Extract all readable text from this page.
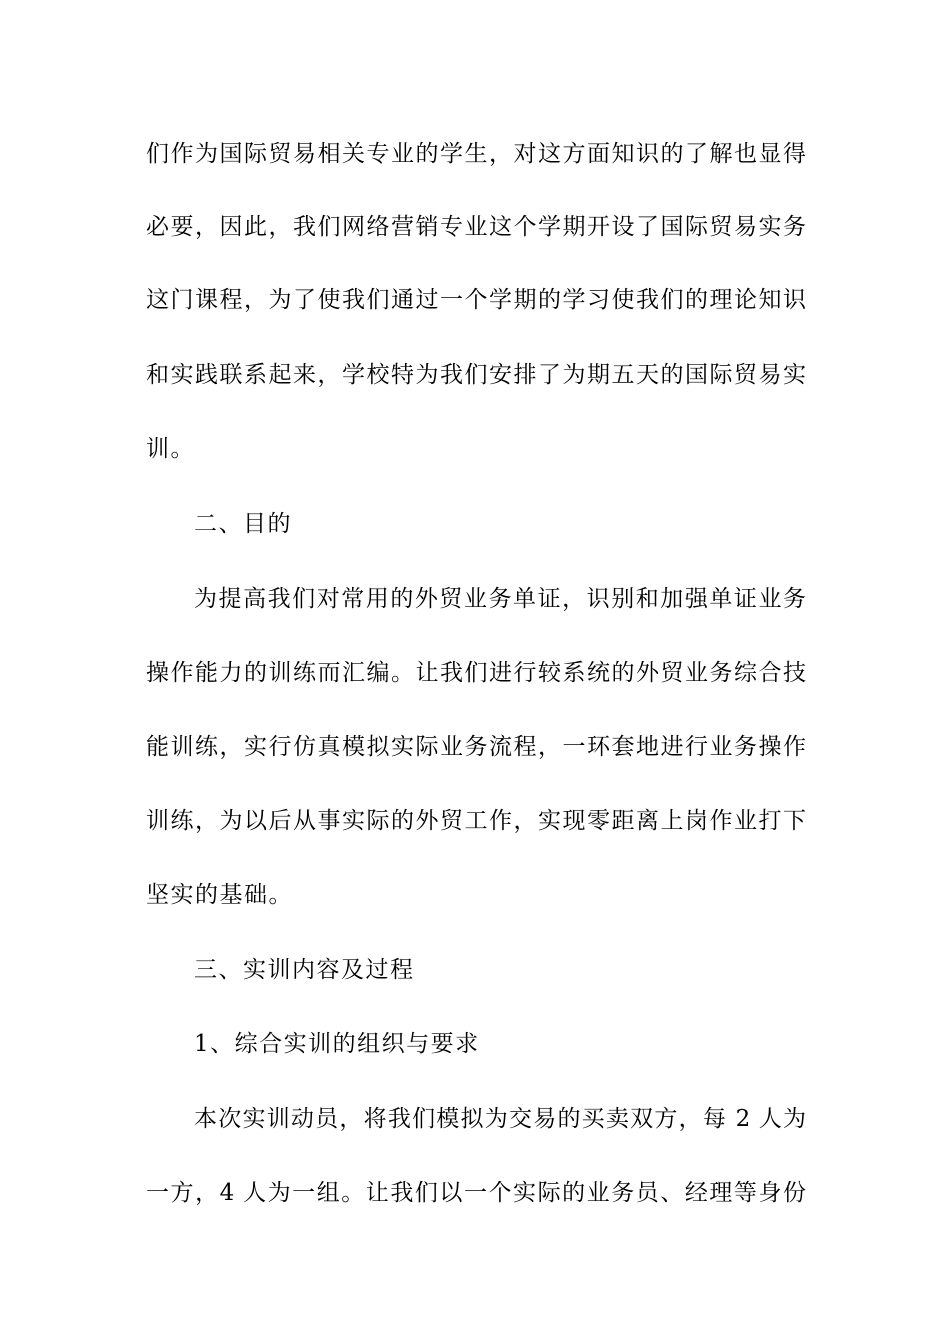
们作为国际贸易相关专业的学生，对这方面知识的了解也显得
必要，因此，我们网络营销专业这个学期开设了国际贸易实务
这门课程，为了使我们通过一个学期的学习使我们的理论知识
和实践联系起来，学校特为我们安排了为期五天的国际贸易实
训。
二、目的
为提高我们对常用的外贸业务单证，识别和加强单证业务
操作能力的训练而汇编。让我们进行较系统的外贸业务综合技
能训练，实行仿真模拟实际业务流程，一环套地进行业务操作
训练，为以后从事实际的外贸工作，实现零距离上岗作业打下
坚实的基础。
三、实训内容及过程
1、综合实训的组织与要求
本次实训动员，将我们模拟为交易的买卖双方，每 2 人为
一方，4 人为一组。让我们以一个实际的业务员、经理等身份
